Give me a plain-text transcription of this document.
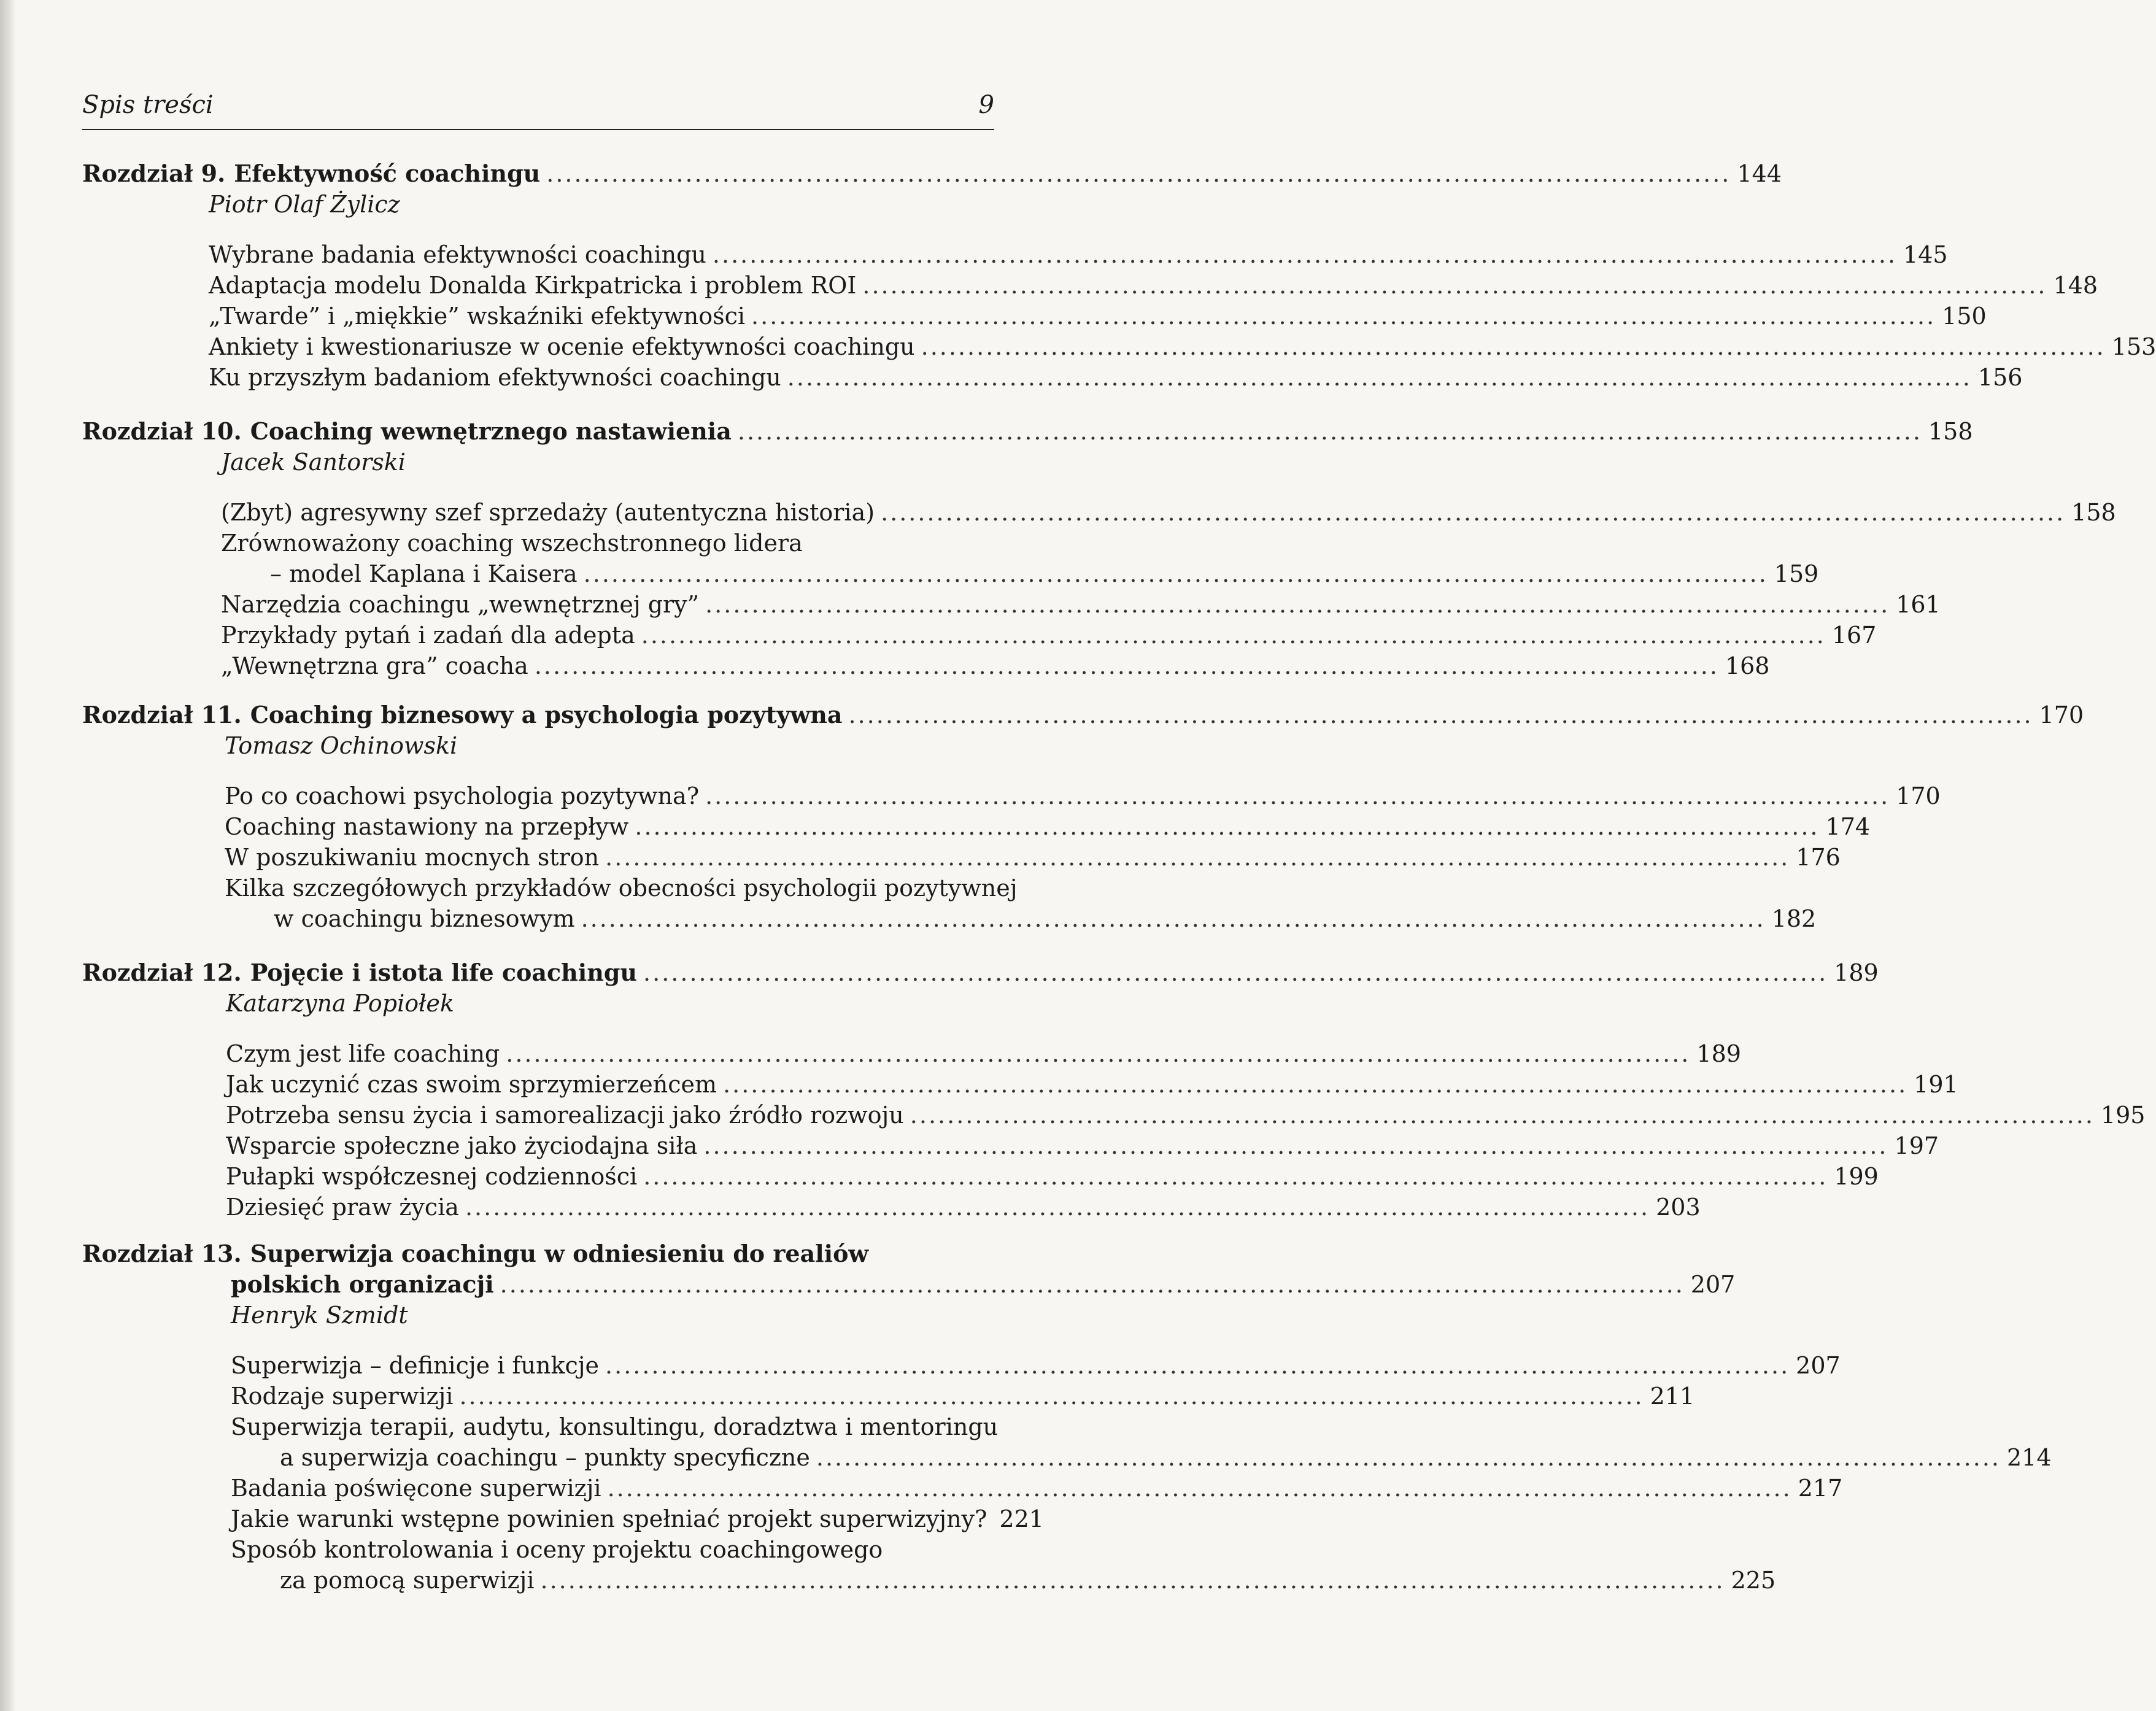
Spis treści	9
Rozdział 9. Efektywność coachingu ................................................................................................................................ 144
Piotr Olaf Żylicz
Wybrane badania efektywności coachingu ................................................................................................................................ 145
Adaptacja modelu Donalda Kirkpatricka i problem ROI ................................................................................................................................ 148
„Twarde” i „miękkie” wskaźniki efektywności ................................................................................................................................ 150
Ankiety i kwestionariusze w ocenie efektywności coachingu ................................................................................................................................ 153
Ku przyszłym badaniom efektywności coachingu ................................................................................................................................ 156
Rozdział 10. Coaching wewnętrznego nastawienia ................................................................................................................................ 158
Jacek Santorski
(Zbyt) agresywny szef sprzedaży (autentyczna historia) ................................................................................................................................ 158
Zrównoważony coaching wszechstronnego lidera
– model Kaplana i Kaisera ................................................................................................................................ 159
Narzędzia coachingu „wewnętrznej gry” ................................................................................................................................ 161
Przykłady pytań i zadań dla adepta ................................................................................................................................ 167
„Wewnętrzna gra” coacha ................................................................................................................................ 168
Rozdział 11. Coaching biznesowy a psychologia pozytywna ................................................................................................................................ 170
Tomasz Ochinowski
Po co coachowi psychologia pozytywna? ................................................................................................................................ 170
Coaching nastawiony na przepływ ................................................................................................................................ 174
W poszukiwaniu mocnych stron ................................................................................................................................ 176
Kilka szczegółowych przykładów obecności psychologii pozytywnej
w coachingu biznesowym ................................................................................................................................ 182
Rozdział 12. Pojęcie i istota life coachingu ................................................................................................................................ 189
Katarzyna Popiołek
Czym jest life coaching ................................................................................................................................ 189
Jak uczynić czas swoim sprzymierzeńcem ................................................................................................................................ 191
Potrzeba sensu życia i samorealizacji jako źródło rozwoju ................................................................................................................................ 195
Wsparcie społeczne jako życiodajna siła ................................................................................................................................ 197
Pułapki współczesnej codzienności ................................................................................................................................ 199
Dziesięć praw życia ................................................................................................................................ 203
Rozdział 13. Superwizja coachingu w odniesieniu do realiów
polskich organizacji ................................................................................................................................ 207
Henryk Szmidt
Superwizja – definicje i funkcje ................................................................................................................................ 207
Rodzaje superwizji ................................................................................................................................ 211
Superwizja terapii, audytu, konsultingu, doradztwa i mentoringu
a superwizja coachingu – punkty specyficzne ................................................................................................................................ 214
Badania poświęcone superwizji ................................................................................................................................ 217
Jakie warunki wstępne powinien spełniać projekt superwizyjny? 221
Sposób kontrolowania i oceny projektu coachingowego
za pomocą superwizji ................................................................................................................................ 225
